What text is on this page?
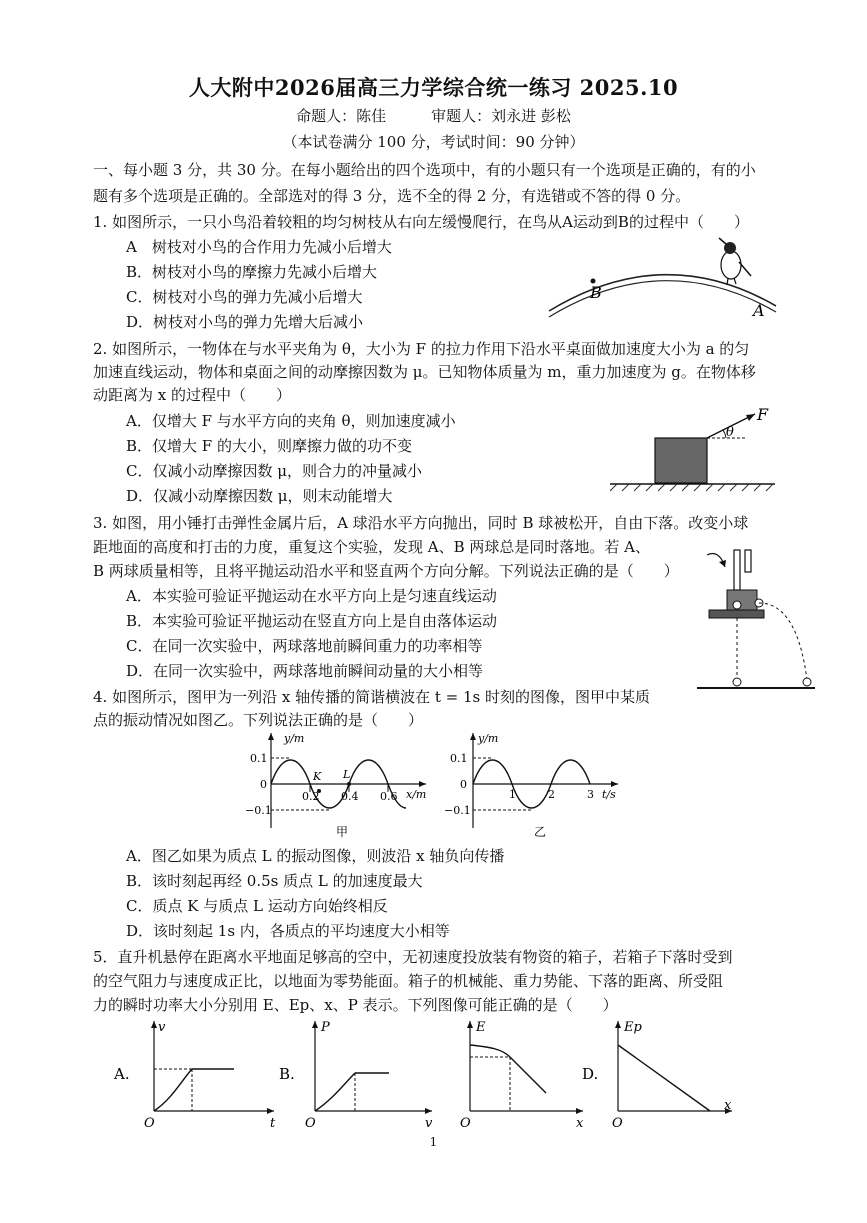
人大附中2026届高三力学综合统一练习 2025.10
命题人：陈佳　　　审题人：刘永进 彭松
（本试卷满分 100 分，考试时间：90 分钟）
一、每小题 3 分，共 30 分。在每小题给出的四个选项中，有的小题只有一个选项是正确的，有的小
题有多个选项是正确的。全部选对的得 3 分，选不全的得 2 分，有选错或不答的得 0 分。
1. 如图所示，一只小鸟沿着较粗的均匀树枝从右向左缓慢爬行，在鸟从A运动到B的过程中（　　）
A　树枝对小鸟的合作用力先减小后增大
B．树枝对小鸟的摩擦力先减小后增大
C．树枝对小鸟的弹力先减小后增大
D．树枝对小鸟的弹力先增大后减小
B
A
2. 如图所示，一物体在与水平夹角为 θ，大小为 F 的拉力作用下沿水平桌面做加速度大小为 a 的匀
加速直线运动，物体和桌面之间的动摩擦因数为 μ。已知物体质量为 m，重力加速度为 g。在物体移
动距离为 x 的过程中（　　）
A．仅增大 F 与水平方向的夹角 θ，则加速度减小
B．仅增大 F 的大小，则摩擦力做的功不变
C．仅减小动摩擦因数 μ，则合力的冲量减小
D．仅减小动摩擦因数 μ，则末动能增大
F
θ
3. 如图，用小锤打击弹性金属片后，A 球沿水平方向抛出，同时 B 球被松开，自由下落。改变小球
距地面的高度和打击的力度，重复这个实验，发现 A、B 两球总是同时落地。若 A、
B 两球质量相等，且将平抛运动沿水平和竖直两个方向分解。下列说法正确的是（　　）
A．本实验可验证平抛运动在水平方向上是匀速直线运动
B．本实验可验证平抛运动在竖直方向上是自由落体运动
C．在同一次实验中，两球落地前瞬间重力的功率相等
D．在同一次实验中，两球落地前瞬间动量的大小相等
4. 如图所示，图甲为一列沿 x 轴传播的简谐横波在 t = 1s 时刻的图像，图甲中某质
点的振动情况如图乙。下列说法正确的是（　　）
y/m
x/m
0.1
0
−0.1
0.2 0.4 0.6
K L
甲
y/m
t/s
0.1
0
−0.1
1	2	3
乙
A．图乙如果为质点 L 的振动图像，则波沿 x 轴负向传播
B．该时刻起再经 0.5s 质点 L 的加速度最大
C．质点 K 与质点 L 运动方向始终相反
D．该时刻起 1s 内，各质点的平均速度大小相等
5．直升机悬停在距离水平地面足够高的空中，无初速度投放装有物资的箱子，若箱子下落时受到
的空气阻力与速度成正比，以地面为零势能面。箱子的机械能、重力势能、下落的距离、所受阻
力的瞬时功率大小分别用 E、Ep、x、P 表示。下列图像可能正确的是（　　）
A.
v
t
O
B.
P
v
O
E
x
O
D.
Ep
x
O
1
